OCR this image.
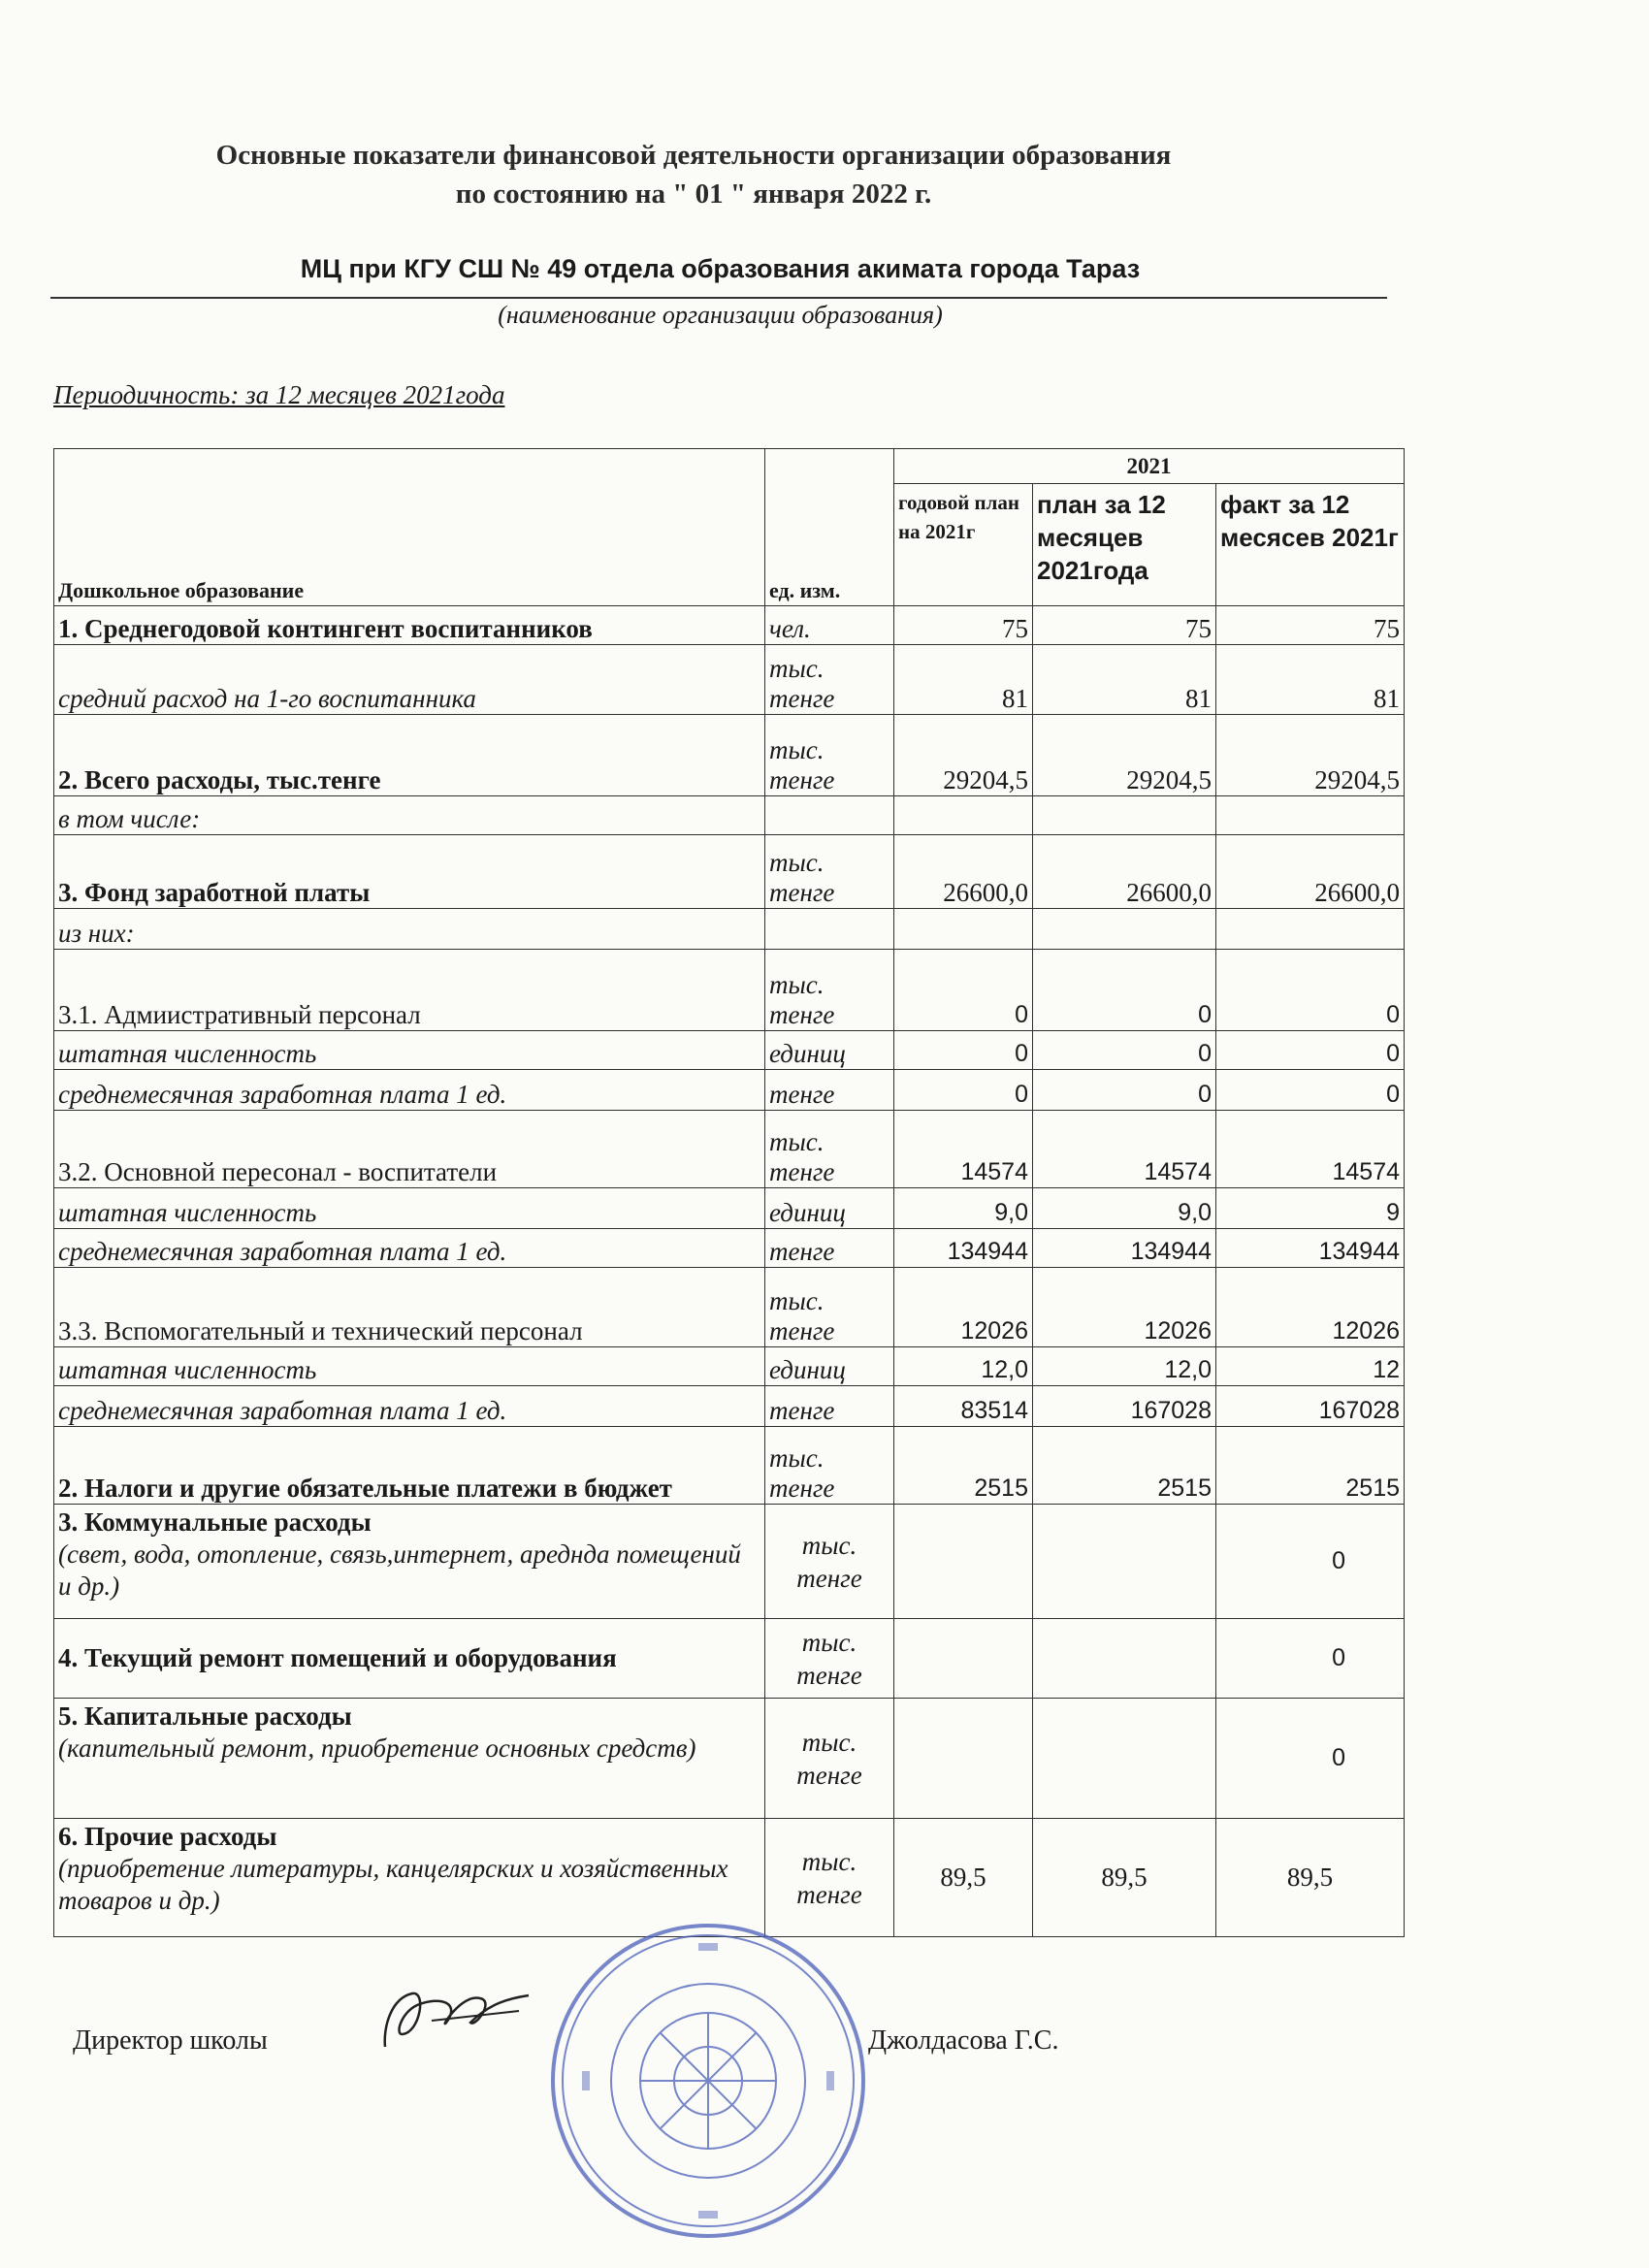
Основные показатели финансовой деятельности организации образования
по состоянию на " 01 " января 2022 г.
МЦ при КГУ СШ № 49 отдела образования акимата города Тараз
(наименование организации образования)
Периодичность: за 12 месяцев 2021года
Дошкольное образование	ед. изм.	2021		
		годовой план на 2021г	план за 12 месяцев 2021года	факт за 12 месясев 2021г
1. Среднегодовой контингент воспитанников	чел.	75	75	75
средний расход на 1-го воспитанника	тыс. тенге	81	81	81
2. Всего расходы, тыс.тенге	тыс. тенге	29204,5	29204,5	29204,5
в том числе:				
3. Фонд заработной платы	тыс. тенге	26600,0	26600,0	26600,0
из них:				
3.1. Адмиистративный персонал	тыс. тенге	0	0	0
штатная численность	единиц	0	0	0
среднемесячная заработная плата 1 ед.	тенге	0	0	0
3.2. Основной пересонал - воспитатели	тыс. тенге	14574	14574	14574
штатная численность	единиц	9,0	9,0	9
среднемесячная заработная плата 1 ед.	тенге	134944	134944	134944
3.3. Вспомогательный и технический персонал	тыс. тенге	12026	12026	12026
штатная численность	единиц	12,0	12,0	12
среднемесячная заработная плата 1 ед.	тенге	83514	167028	167028
2. Налоги и другие обязательные платежи в бюджет	тыс. тенге	2515	2515	2515

3. Коммунальные расходы
(свет, вода, отопление, связь,интернет, ареднда помещений и др.)	тыс. тенге			0
4. Текущий ремонт помещений и оборудования	тыс. тенге			0

5. Капитальные расходы
(капительный ремонт, приобретение основных средств)	тыс. тенге			0

6. Прочие расходы
(приобретение литературы, канцелярских и хозяйственных товаров и др.)	тыс. тенге	89,5	89,5	89,5
Директор школы	Джолдасова Г.С.
